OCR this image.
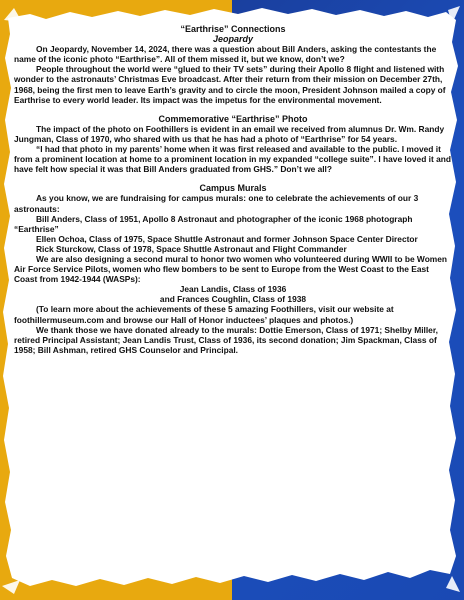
“Earthrise” Connections
Jeopardy

On Jeopardy, November 14, 2024, there was a question about Bill Anders, asking the contestants the name of the iconic photo “Earthrise”. All of them missed it, but we know, don’t we?

People throughout the world were “glued to their TV sets” during their Apollo 8 flight and listened with wonder to the astronauts’ Christmas Eve broadcast. After their return from their mission on December 27th, 1968, being the first men to leave Earth’s gravity and to circle the moon, President Johnson mailed a copy of Earthrise to every world leader. Its impact was the impetus for the environmental movement.

Commemorative “Earthrise” Photo

The impact of the photo on Foothillers is evident in an email we received from alumnus Dr. Wm. Randy Jungman, Class of 1970, who shared with us that he has had a photo of “Earthrise” for 54 years.

“I had that photo in my parents’ home when it was first released and available to the public. I moved it from a prominent location at home to a prominent location in my expanded “college suite”. I have loved it and have felt how special it was that Bill Anders graduated from GHS.” Don’t we all?

Campus Murals

As you know, we are fundraising for campus murals: one to celebrate the achievements of our 3 astronauts:

Bill Anders, Class of 1951, Apollo 8 Astronaut and photographer of the iconic 1968 photograph “Earthrise”

Ellen Ochoa, Class of 1975, Space Shuttle Astronaut and former Johnson Space Center Director

Rick Sturckow, Class of 1978, Space Shuttle Astronaut and Flight Commander

We are also designing a second mural to honor two women who volunteered during WWII to be Women Air Force Service Pilots, women who flew bombers to be sent to Europe from the West Coast to the East Coast from 1942-1944 (WASPs):

Jean Landis, Class of 1936
and Frances Coughlin, Class of 1938

(To learn more about the achievements of these 5 amazing Foothillers, visit our website at foothillermuseum.com and browse our Hall of Honor inductees’ plaques and photos.)

We thank those we have donated already to the murals: Dottie Emerson, Class of 1971; Shelby Miller, retired Principal Assistant; Jean Landis Trust, Class of 1936, its second donation; Jim Spackman, Class of 1958; Bill Ashman, retired GHS Counselor and Principal.
